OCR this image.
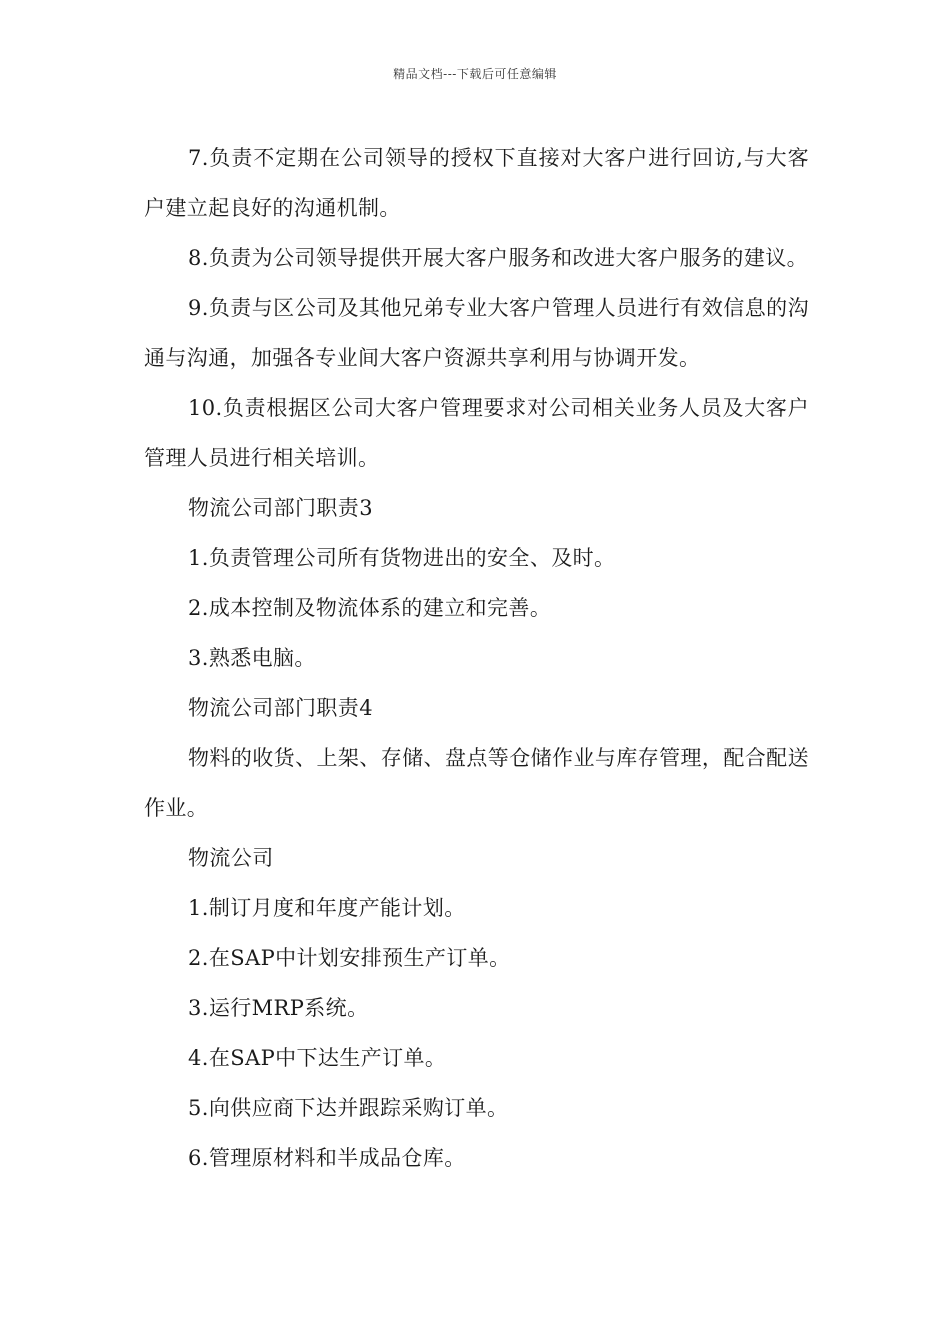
精品文档---下载后可任意编辑

7.负责不定期在公司领导的授权下直接对大客户进行回访,与大客户建立起良好的沟通机制。

8.负责为公司领导提供开展大客户服务和改进大客户服务的建议。

9.负责与区公司及其他兄弟专业大客户管理人员进行有效信息的沟通与沟通，加强各专业间大客户资源共享利用与协调开发。

10.负责根据区公司大客户管理要求对公司相关业务人员及大客户管理人员进行相关培训。

物流公司部门职责3

1.负责管理公司所有货物进出的安全、及时。

2.成本控制及物流体系的建立和完善。

3.熟悉电脑。

物流公司部门职责4

物料的收货、上架、存储、盘点等仓储作业与库存管理，配合配送作业。

物流公司

1.制订月度和年度产能计划。

2.在SAP中计划安排预生产订单。

3.运行MRP系统。

4.在SAP中下达生产订单。

5.向供应商下达并跟踪采购订单。

6.管理原材料和半成品仓库。
